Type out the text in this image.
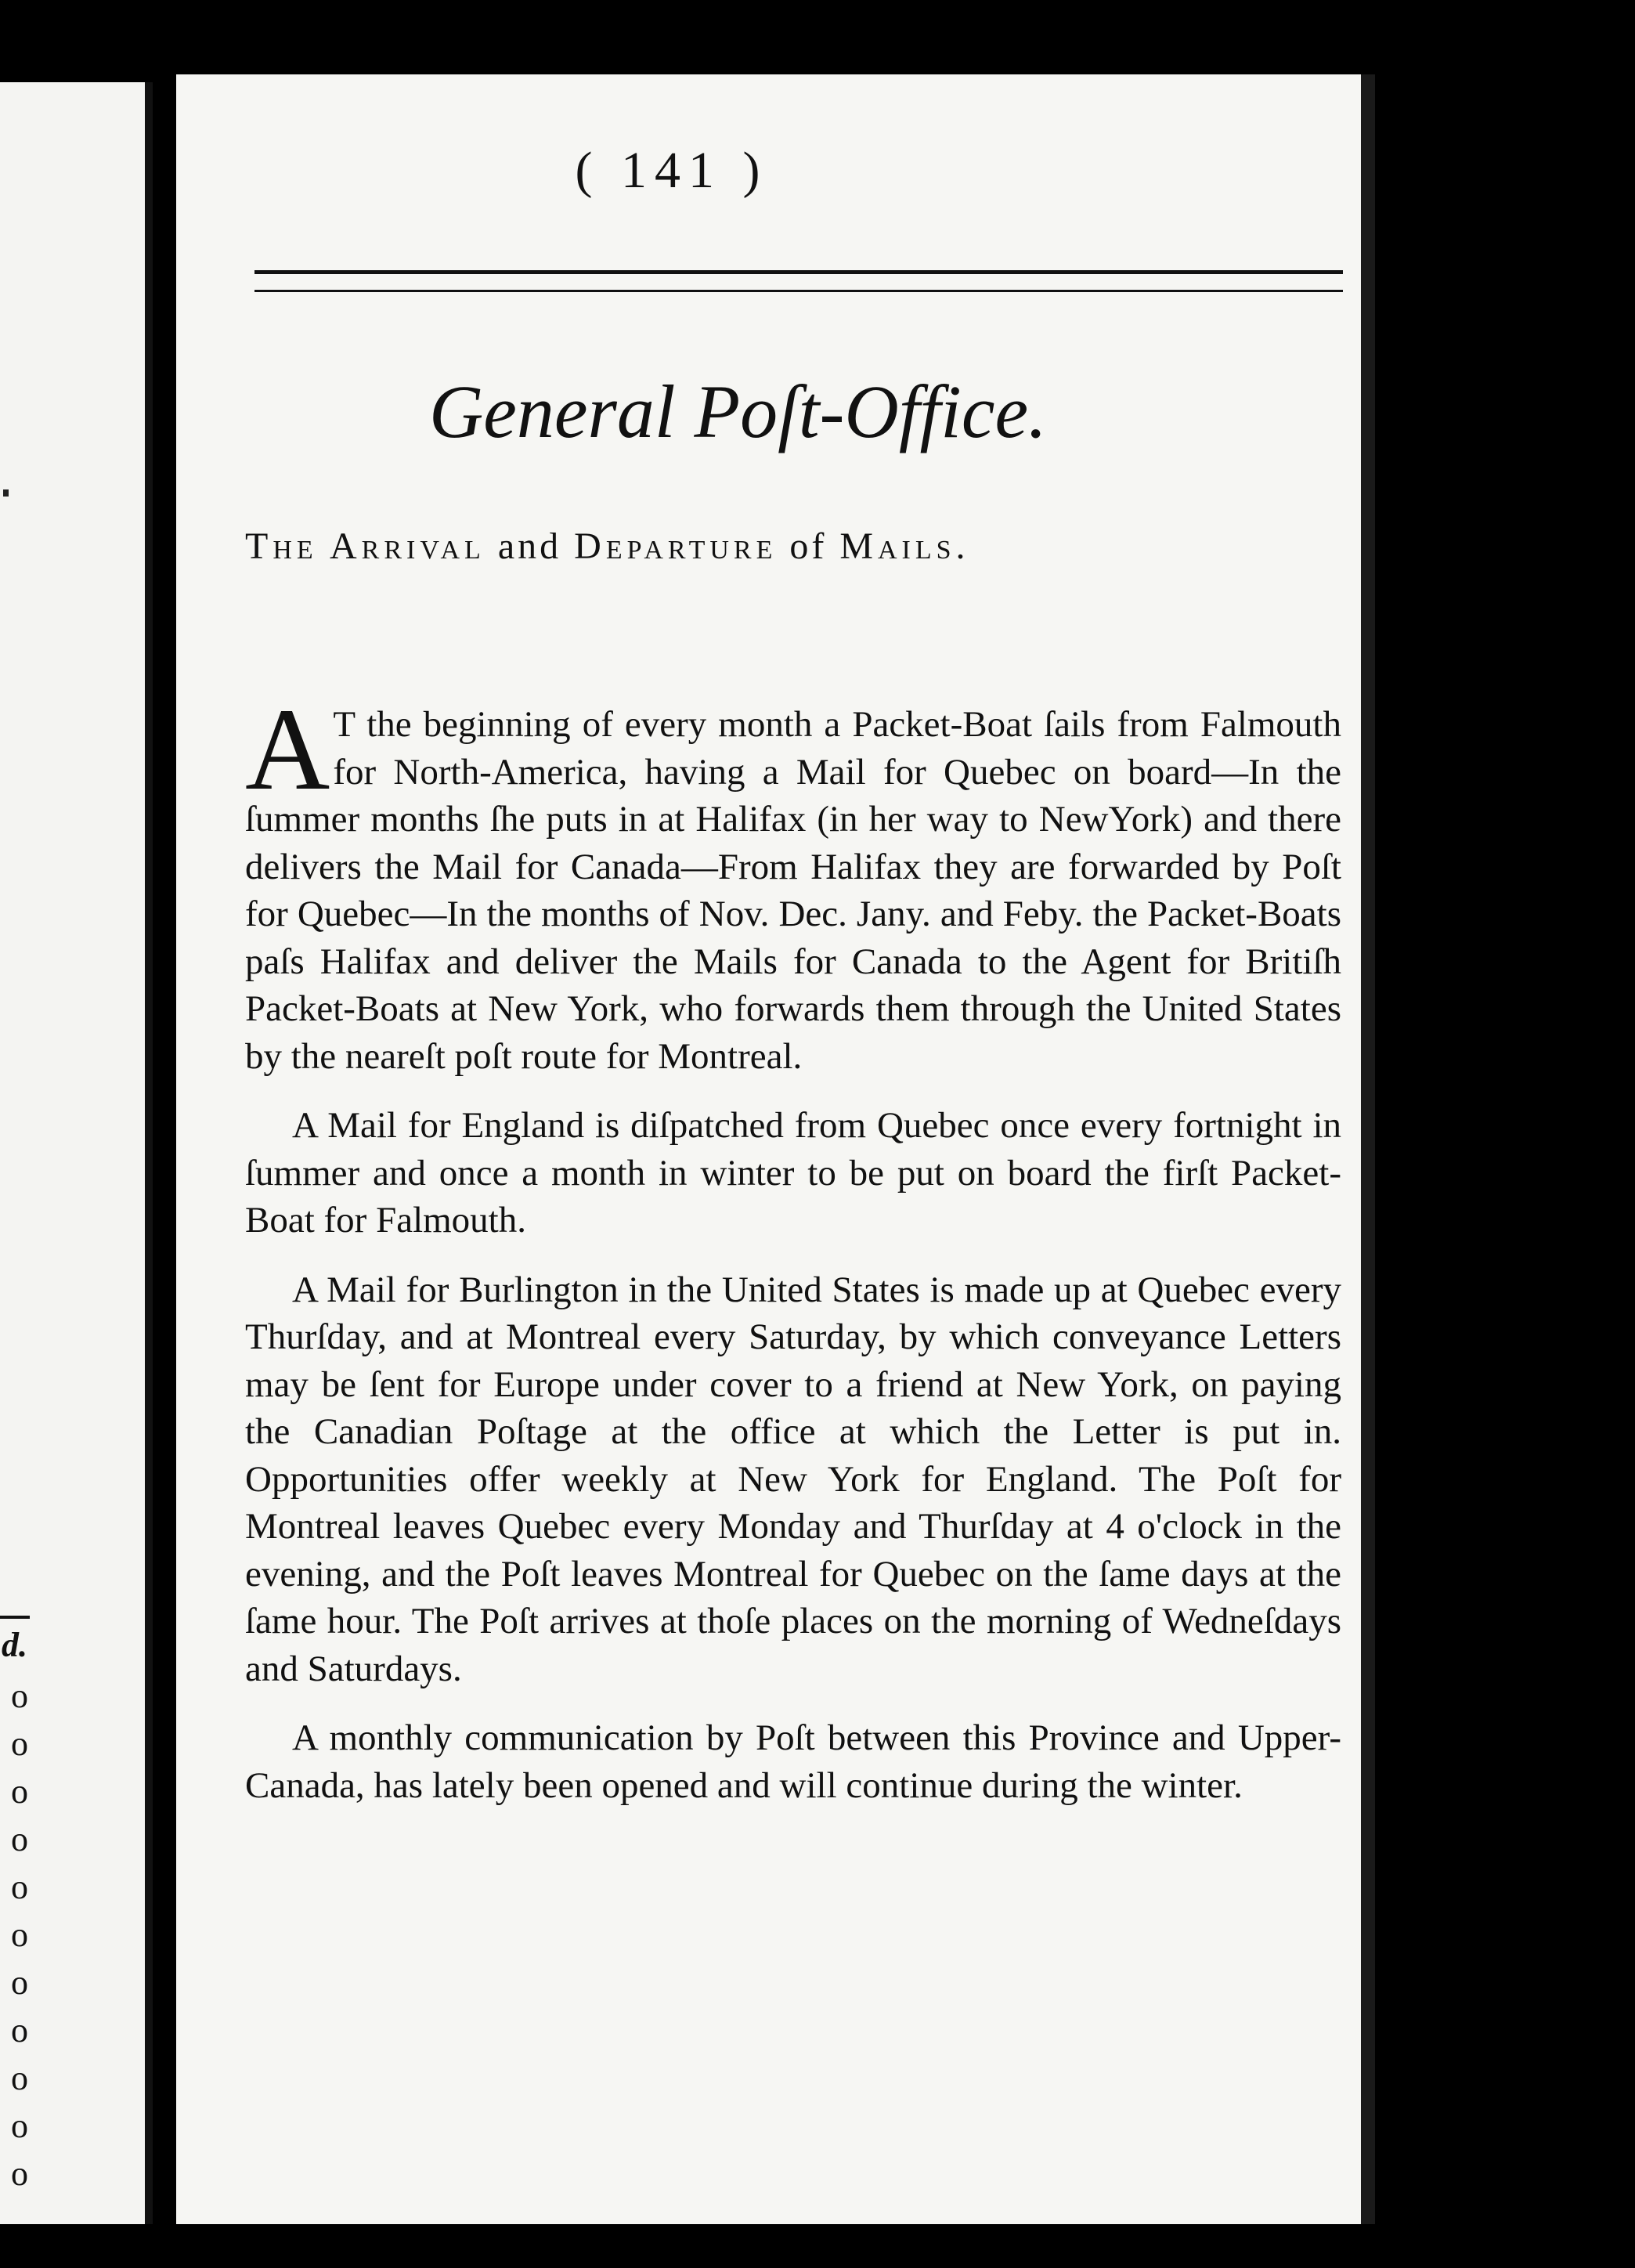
d.
o
o
o
o
o
o
o
o
o
o
o
( 141 )
General Poſt-Office.
The Arrival and Departure of Mails.

A T the beginning of every month a Packet-Boat ſails from Falmouth for North-America, having a Mail for Quebec on board—In the ſummer months ſhe puts in at Halifax (in her way to NewYork) and there delivers the Mail for Canada—From Halifax they are forwarded by Poſt for Quebec—In the months of Nov. Dec. Jany. and Feby. the Packet-Boats paſs Halifax and deliver the Mails for Canada to the Agent for Britiſh Packet-Boats at New York, who forwards them through the United States by the neareſt poſt route for Montreal.

A Mail for England is diſpatched from Quebec once every fortnight in ſummer and once a month in winter to be put on board the firſt Packet-Boat for Falmouth.

A Mail for Burlington in the United States is made up at Quebec every Thurſday, and at Montreal every Saturday, by which conveyance Letters may be ſent for Europe under cover to a friend at New York, on paying the Canadian Poſtage at the office at which the Letter is put in. Opportunities offer weekly at New York for England. The Poſt for Montreal leaves Quebec every Monday and Thurſday at 4 o'clock in the evening, and the Poſt leaves Montreal for Quebec on the ſame days at the ſame hour. The Poſt arrives at thoſe places on the morning of Wedneſdays and Saturdays.

A monthly communication by Poſt between this Province and Upper-Canada, has lately been opened and will continue during the winter.
